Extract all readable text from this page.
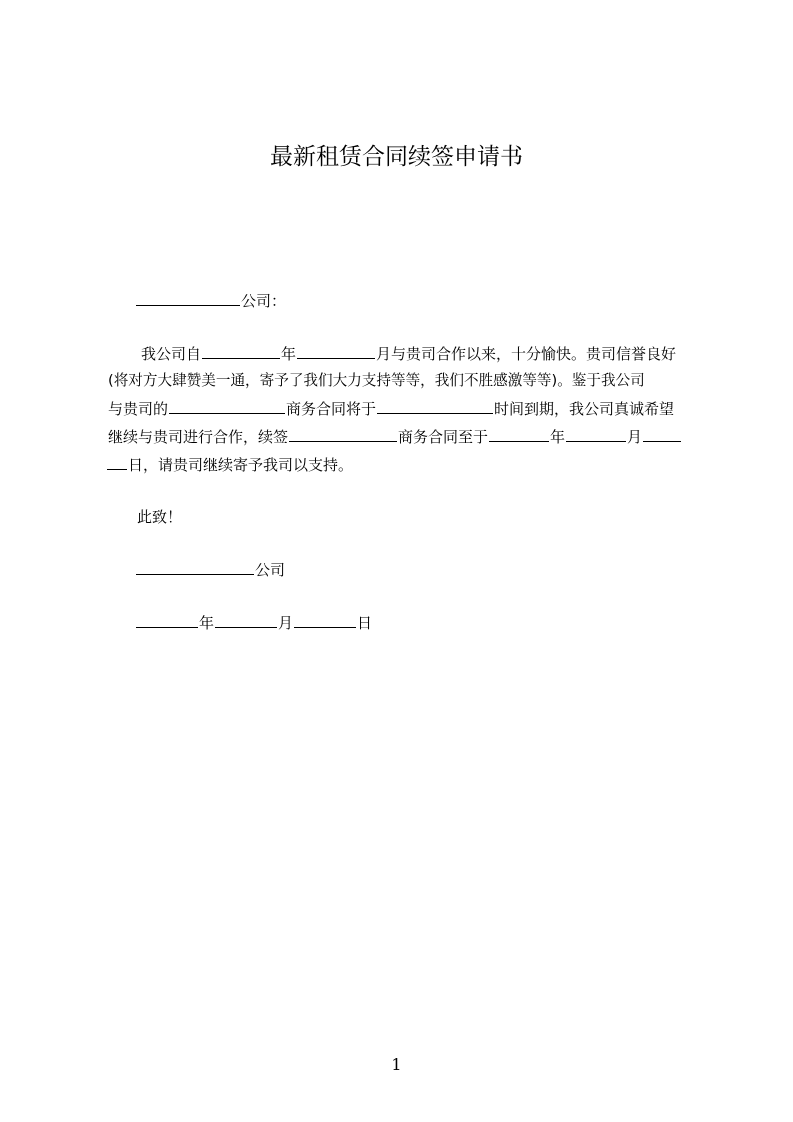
最新租赁合同续签申请书
公司：
我公司自	年	月与贵司合作以来，十分愉快。贵司信誉良好
(将对方大肆赞美一通，寄予了我们大力支持等等，我们不胜感激等等)。鉴于我公司
与贵司的	商务合同将于	时间到期，我公司真诚希望
继续与贵司进行合作，续签	商务合同至于	年	月
日，请贵司继续寄予我司以支持。
此致！
公司
年	月	日
1
